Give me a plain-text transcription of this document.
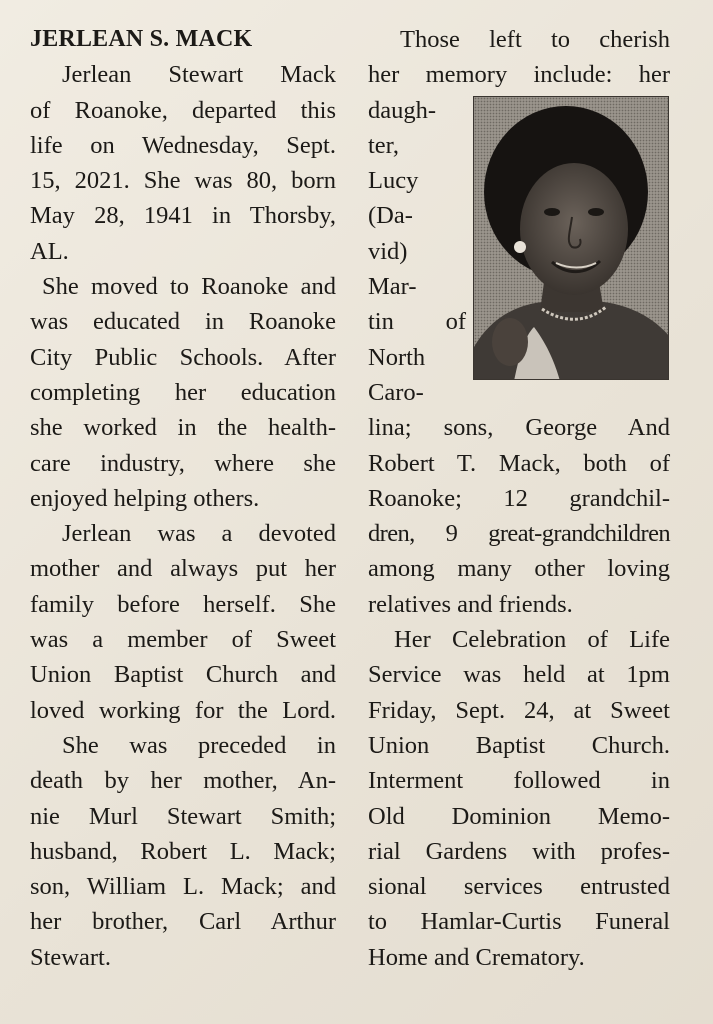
JERLEAN S. MACK
Jerlean Stewart Mack
of Roanoke, departed this
life on Wednesday, Sept.
15, 2021. She was 80, born
May 28, 1941 in Thorsby,
AL.
She moved to Roanoke and
was educated in Roanoke
City Public Schools. After
completing her education
she worked in the health-
care industry, where she
enjoyed helping others.
Jerlean was a devoted
mother and always put her
family before herself. She
was a member of Sweet
Union Baptist Church and
loved working for the Lord.
She was preceded in
death by her mother, An-
nie Murl Stewart Smith;
husband, Robert L. Mack;
son, William L. Mack; and
her brother, Carl Arthur
Stewart.
Those left to cherish
her memory include: her
daugh-
ter,
Lucy
(Da-
vid)
Mar-
tin of
North
Caro-
lina; sons, George And
Robert T. Mack, both of
Roanoke; 12 grandchil-
dren, 9 great-grandchildren
among many other loving
relatives and friends.
Her Celebration of Life
Service was held at 1pm
Friday, Sept. 24, at Sweet
Union Baptist Church.
Interment followed in
Old Dominion Memo-
rial Gardens with profes-
sional services entrusted
to Hamlar-Curtis Funeral
Home and Crematory.
